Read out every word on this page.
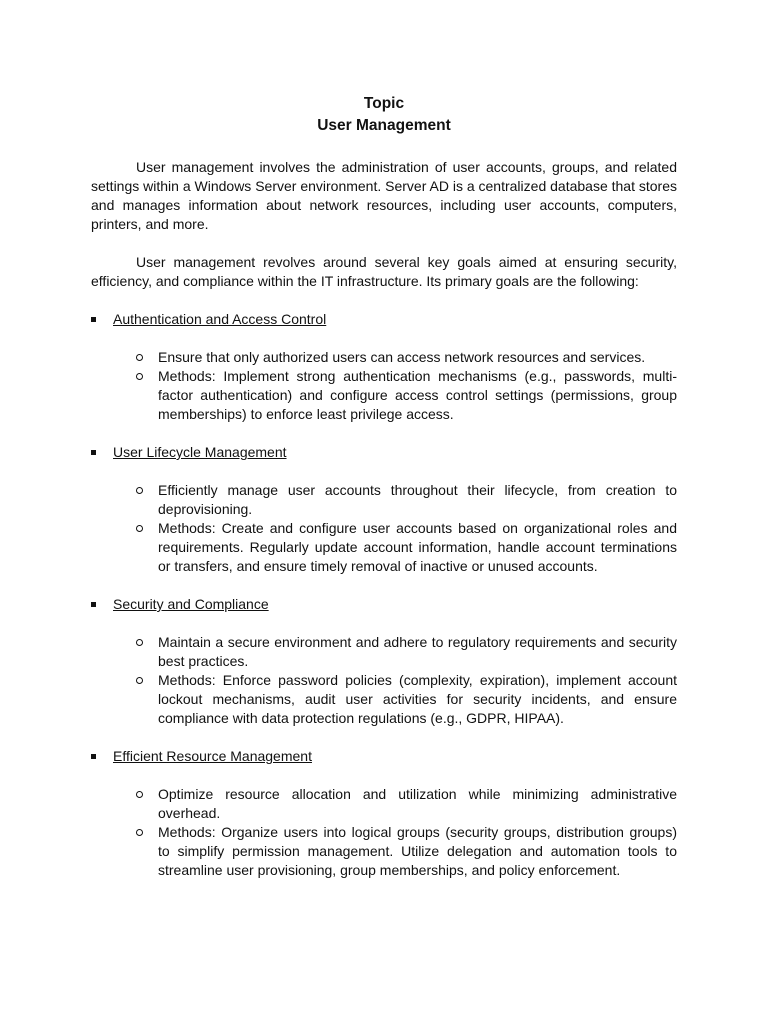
Topic
User Management

User management involves the administration of user accounts, groups, and related settings within a Windows Server environment. Server AD is a centralized database that stores and manages information about network resources, including user accounts, computers, printers, and more.

User management revolves around several key goals aimed at ensuring security, efficiency, and compliance within the IT infrastructure. Its primary goals are the following:

Authentication and Access Control
Ensure that only authorized users can access network resources and services.
Methods: Implement strong authentication mechanisms (e.g., passwords, multi-factor authentication) and configure access control settings (permissions, group memberships) to enforce least privilege access.
User Lifecycle Management
Efficiently manage user accounts throughout their lifecycle, from creation to deprovisioning.
Methods: Create and configure user accounts based on organizational roles and requirements. Regularly update account information, handle account terminations or transfers, and ensure timely removal of inactive or unused accounts.
Security and Compliance
Maintain a secure environment and adhere to regulatory requirements and security best practices.
Methods: Enforce password policies (complexity, expiration), implement account lockout mechanisms, audit user activities for security incidents, and ensure compliance with data protection regulations (e.g., GDPR, HIPAA).
Efficient Resource Management
Optimize resource allocation and utilization while minimizing administrative overhead.
Methods: Organize users into logical groups (security groups, distribution groups) to simplify permission management. Utilize delegation and automation tools to streamline user provisioning, group memberships, and policy enforcement.
